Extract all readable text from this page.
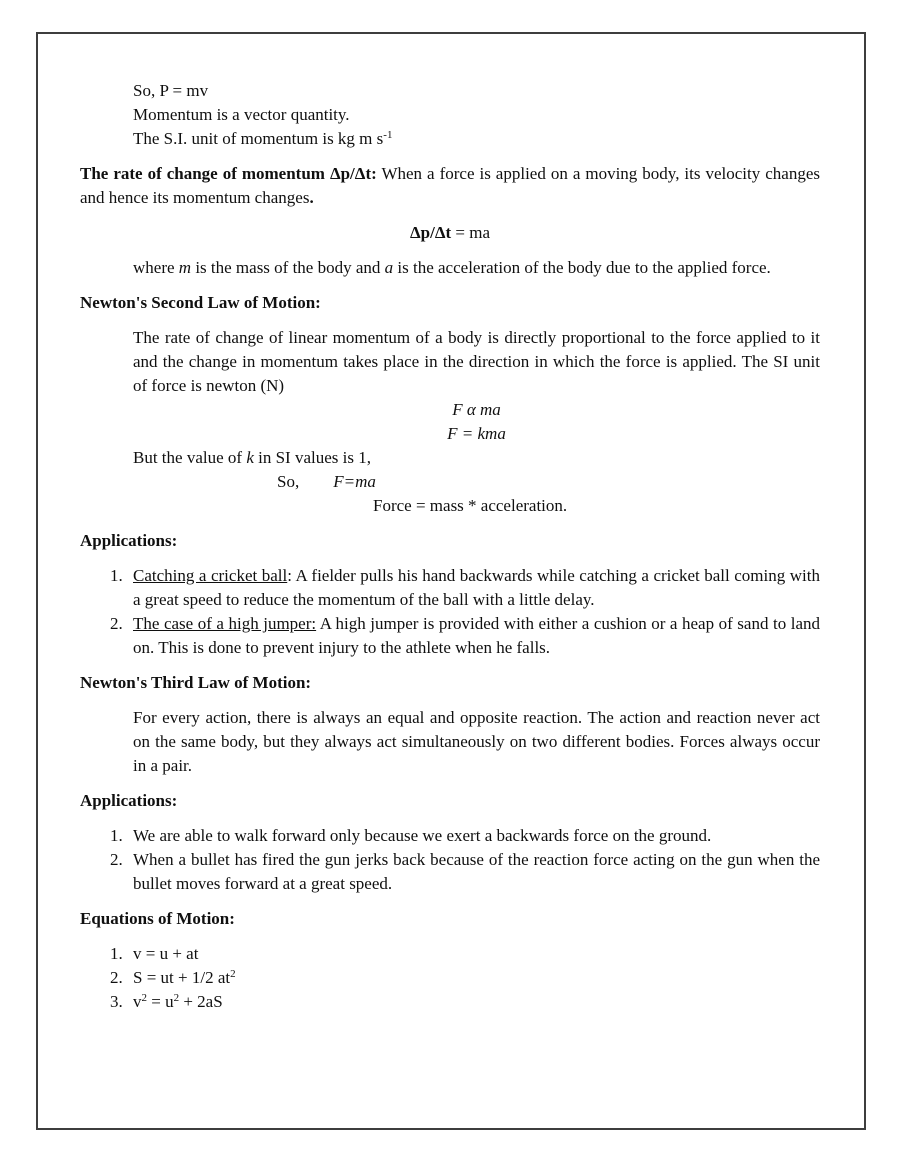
So, P = mv
Momentum is a vector quantity.
The S.I. unit of momentum is kg m $s^{-1}$

The rate of change of momentum Δp/Δt: When a force is applied on a moving body, its velocity changes and hence its momentum changes.

Δp/Δt = ma

where m is the mass of the body and a is the acceleration of the body due to the applied force.

Newton's Second Law of Motion:

The rate of change of linear momentum of a body is directly proportional to the force applied to it and the change in momentum takes place in the direction in which the force is applied. The SI unit of force is newton (N)

F α ma
F = kma
But the value of k in SI values is 1,
So, F=ma
Force = mass * acceleration.
Applications:
1. Catching a cricket ball: A fielder pulls his hand backwards while catching a cricket ball coming with a great speed to reduce the momentum of the ball with a little delay.
2. The case of a high jumper: A high jumper is provided with either a cushion or a heap of sand to land on. This is done to prevent injury to the athlete when he falls.
Newton's Third Law of Motion:

For every action, there is always an equal and opposite reaction. The action and reaction never act on the same body, but they always act simultaneously on two different bodies. Forces always occur in a pair.

Applications:
1. We are able to walk forward only because we exert a backwards force on the ground.
2. When a bullet has fired the gun jerks back because of the reaction force acting on the gun when the bullet moves forward at a great speed.
Equations of Motion:
1. v = u + at
2. S = ut + 1/2 $at^2$
3. $v^2 = u^2 + 2aS$
